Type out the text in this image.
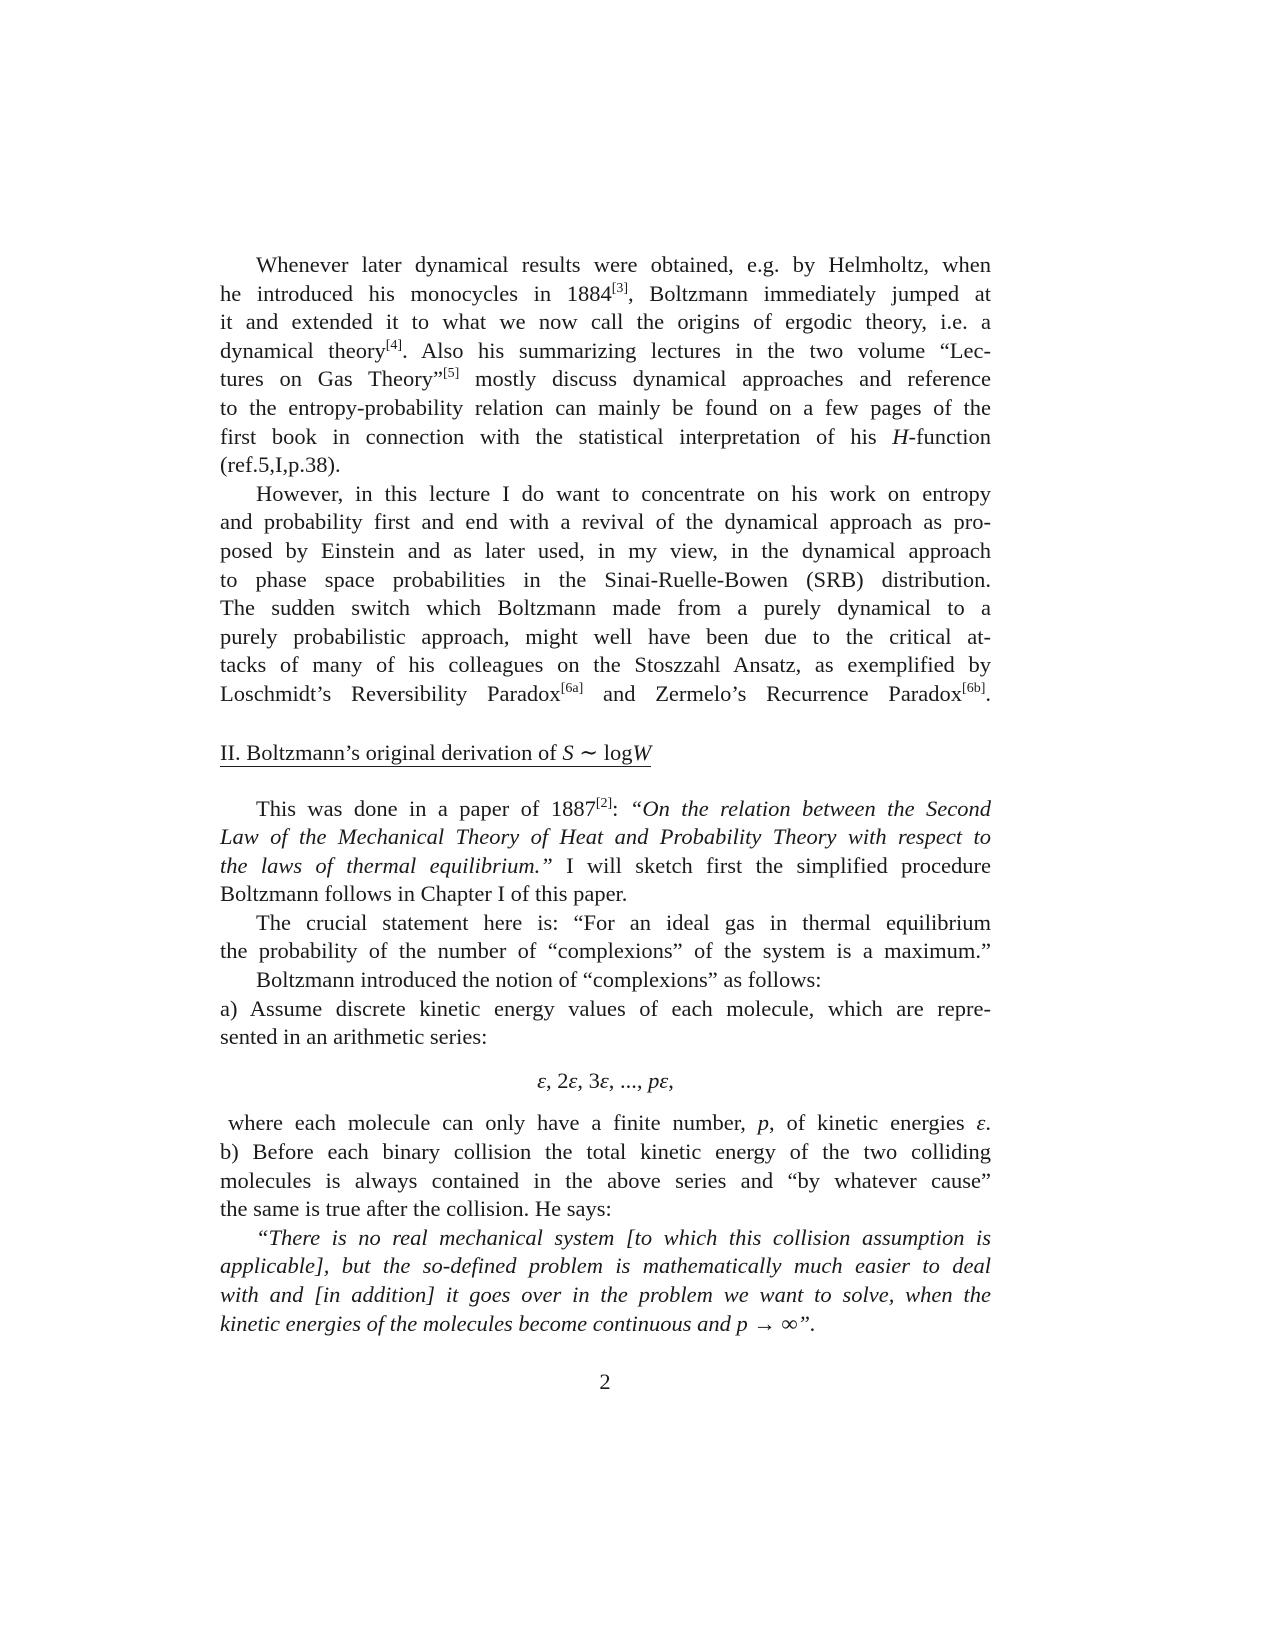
Whenever later dynamical results were obtained, e.g. by Helmholtz, when
he introduced his monocycles in 1884[3], Boltzmann immediately jumped at
it and extended it to what we now call the origins of ergodic theory, i.e. a
dynamical theory[4]. Also his summarizing lectures in the two volume “Lec-
tures on Gas Theory”[5] mostly discuss dynamical approaches and reference
to the entropy-probability relation can mainly be found on a few pages of the
first book in connection with the statistical interpretation of his H-function
(ref.5,I,p.38).
However, in this lecture I do want to concentrate on his work on entropy
and probability first and end with a revival of the dynamical approach as pro-
posed by Einstein and as later used, in my view, in the dynamical approach
to phase space probabilities in the Sinai-Ruelle-Bowen (SRB) distribution.
The sudden switch which Boltzmann made from a purely dynamical to a
purely probabilistic approach, might well have been due to the critical at-
tacks of many of his colleagues on the Stoszzahl Ansatz, as exemplified by
Loschmidt’s Reversibility Paradox[6a] and Zermelo’s Recurrence Paradox[6b].
II. Boltzmann’s original derivation of S ∼ logW
This was done in a paper of 1887[2]: “On the relation between the Second
Law of the Mechanical Theory of Heat and Probability Theory with respect to
the laws of thermal equilibrium.” I will sketch first the simplified procedure
Boltzmann follows in Chapter I of this paper.
The crucial statement here is: “For an ideal gas in thermal equilibrium
the probability of the number of “complexions” of the system is a maximum.”
Boltzmann introduced the notion of “complexions” as follows:
a) Assume discrete kinetic energy values of each molecule, which are repre-
sented in an arithmetic series:
ε, 2ε, 3ε, ..., pε,
where each molecule can only have a finite number, p, of kinetic energies ε.
b) Before each binary collision the total kinetic energy of the two colliding
molecules is always contained in the above series and “by whatever cause”
the same is true after the collision. He says:
“There is no real mechanical system [to which this collision assumption is
applicable], but the so-defined problem is mathematically much easier to deal
with and [in addition] it goes over in the problem we want to solve, when the
kinetic energies of the molecules become continuous and p → ∞”.
2
